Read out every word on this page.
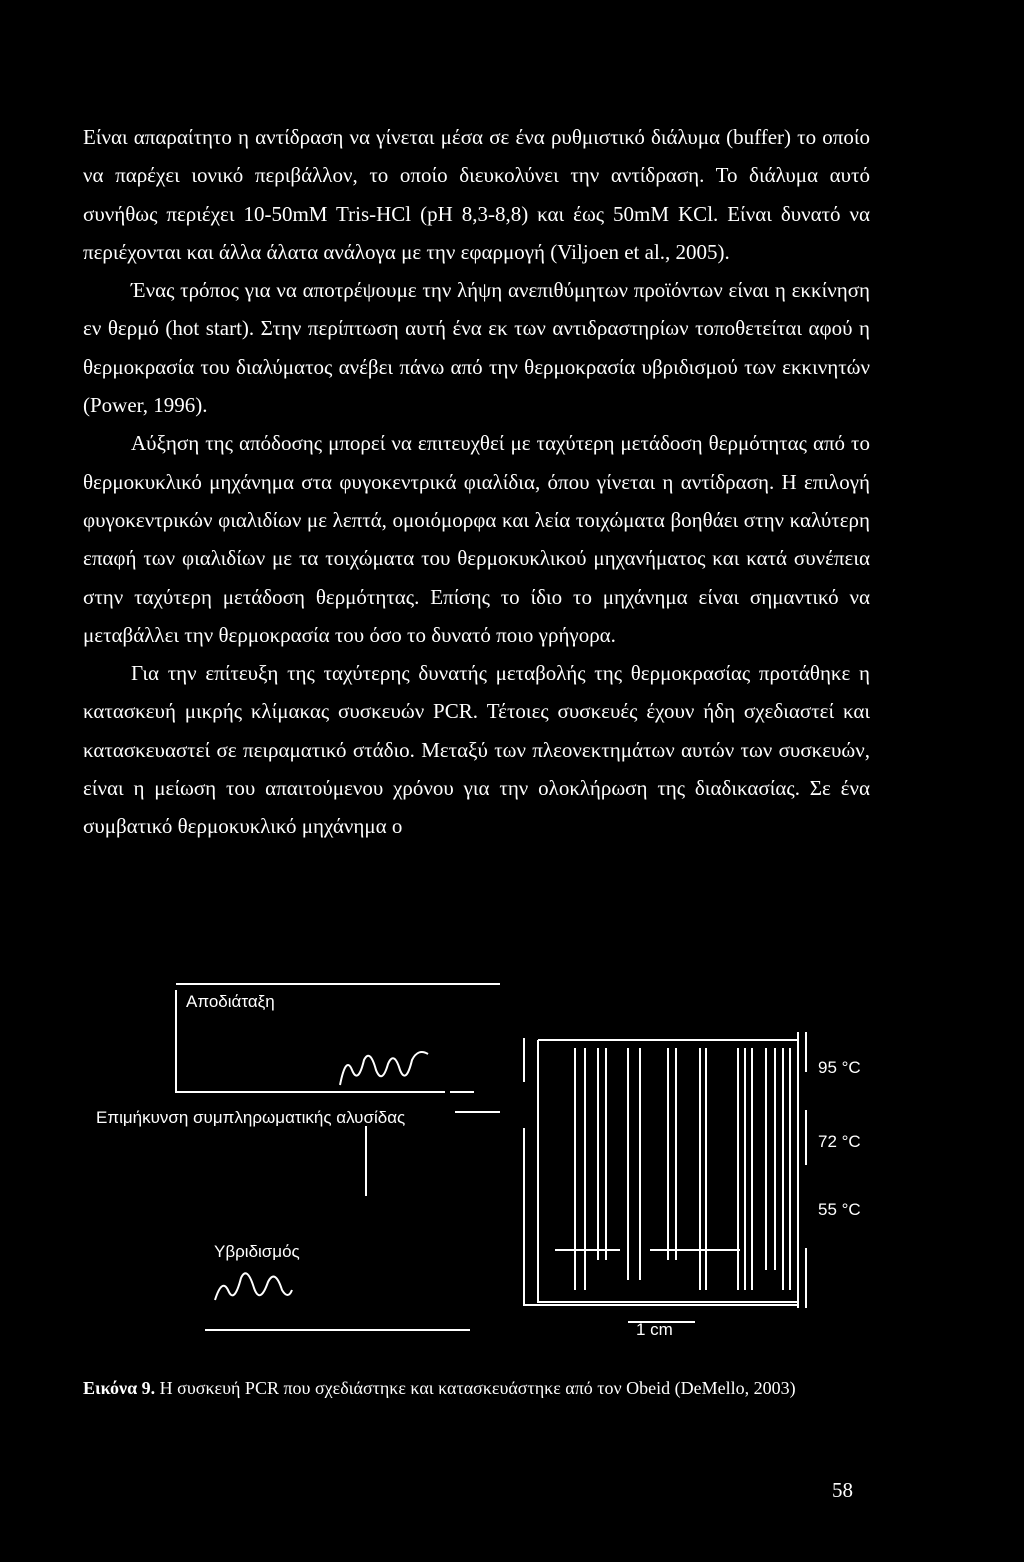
Είναι απαραίτητο η αντίδραση να γίνεται μέσα σε ένα ρυθμιστικό διάλυμα (buffer) το οποίο να παρέχει ιονικό περιβάλλον, το οποίο διευκολύνει την αντίδραση. Το διάλυμα αυτό συνήθως περιέχει 10-50mM Tris-HCl (pH 8,3-8,8) και έως 50mM KCl. Είναι δυνατό να περιέχονται και άλλα άλατα ανάλογα με την εφαρμογή (Viljoen et al., 2005).

Ένας τρόπος για να αποτρέψουμε την λήψη ανεπιθύμητων προϊόντων είναι η εκκίνηση εν θερμό (hot start). Στην περίπτωση αυτή ένα εκ των αντιδραστηρίων τοποθετείται αφού η θερμοκρασία του διαλύματος ανέβει πάνω από την θερμοκρασία υβριδισμού των εκκινητών (Power, 1996).

Αύξηση της απόδοσης μπορεί να επιτευχθεί με ταχύτερη μετάδοση θερμότητας από το θερμοκυκλικό μηχάνημα στα φυγοκεντρικά φιαλίδια, όπου γίνεται η αντίδραση. Η επιλογή φυγοκεντρικών φιαλιδίων με λεπτά, ομοιόμορφα και λεία τοιχώματα βοηθάει στην καλύτερη επαφή των φιαλιδίων με τα τοιχώματα του θερμοκυκλικού μηχανήματος και κατά συνέπεια στην ταχύτερη μετάδοση θερμότητας. Επίσης το ίδιο το μηχάνημα είναι σημαντικό να μεταβάλλει την θερμοκρασία του όσο το δυνατό ποιο γρήγορα.

Για την επίτευξη της ταχύτερης δυνατής μεταβολής της θερμοκρασίας προτάθηκε η κατασκευή μικρής κλίμακας συσκευών PCR. Τέτοιες συσκευές έχουν ήδη σχεδιαστεί και κατασκευαστεί σε πειραματικό στάδιο. Μεταξύ των πλεονεκτημάτων αυτών των συσκευών, είναι η μείωση του απαιτούμενου χρόνου για την ολοκλήρωση της διαδικασίας. Σε ένα συμβατικό θερμοκυκλικό μηχάνημα ο

Αποδιάταξη
Επιμήκυνση συμπληρωματικής αλυσίδας
Υβριδισμός
95 °C
72 °C
55 °C
1 cm
Εικόνα 9. Η συσκευή PCR που σχεδιάστηκε και κατασκευάστηκε από τον Obeid (DeMello, 2003)
58
